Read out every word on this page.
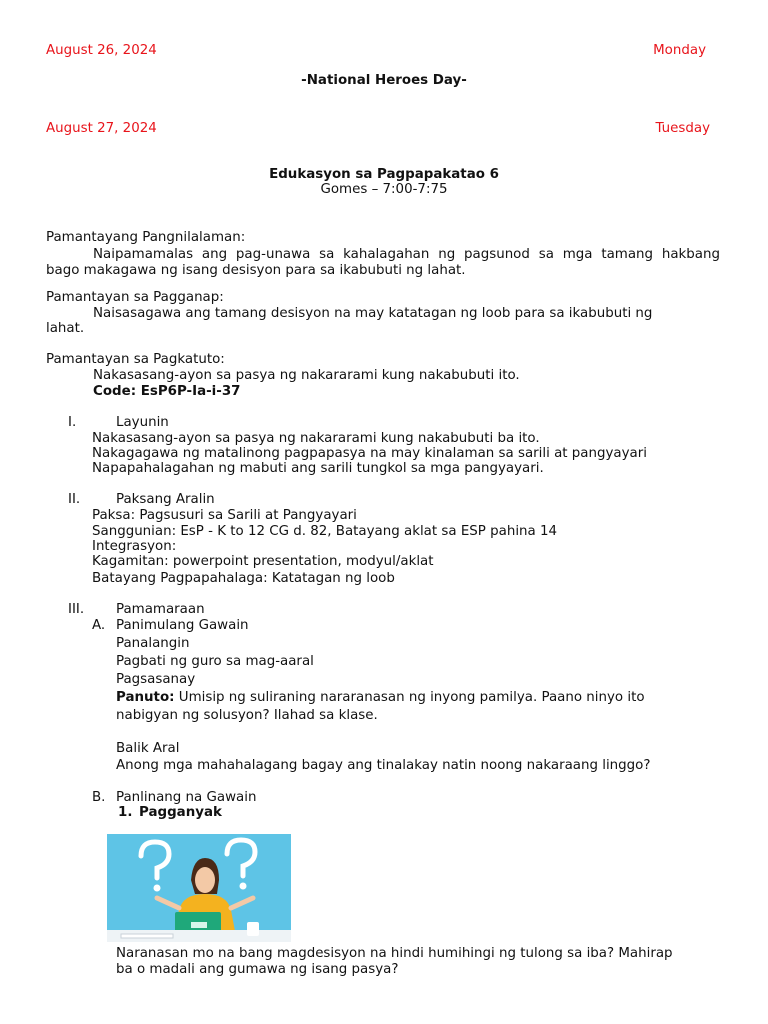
August 26, 2024	Monday
-National Heroes Day-
August 27, 2024	Tuesday
Edukasyon sa Pagpapakatao 6
Gomes – 7:00-7:75
Pamantayang Pangnilalaman:
Naipamamalas ang pag-unawa sa kahalagahan ng pagsunod sa mga tamang hakbang
bago makagawa ng isang desisyon para sa ikabubuti ng lahat.
Pamantayan sa Pagganap:
Naisasagawa ang tamang desisyon na may katatagan ng loob para sa ikabubuti ng
lahat.
Pamantayan sa Pagkatuto:
Nakasasang-ayon sa pasya ng nakararami kung nakabubuti ito.
Code: EsP6P-Ia-i-37
I.	Layunin
Nakasasang-ayon sa pasya ng nakararami kung nakabubuti ba ito.
Nakagagawa ng matalinong pagpapasya na may kinalaman sa sarili at pangyayari
Napapahalagahan ng mabuti ang sarili tungkol sa mga pangyayari.
II.	Paksang Aralin
Paksa: Pagsusuri sa Sarili at Pangyayari
Sanggunian: EsP - K to 12 CG d. 82, Batayang aklat sa ESP pahina 14
Integrasyon:
Kagamitan: powerpoint presentation, modyul/aklat
Batayang Pagpapahalaga: Katatagan ng loob
III. Pamamaraan
A. Panimulang Gawain
Panalangin
Pagbati ng guro sa mag-aaral
Pagsasanay
Panuto: Umisip ng suliraning nararanasan ng inyong pamilya. Paano ninyo ito
nabigyan ng solusyon? Ilahad sa klase.
Balik Aral
Anong mga mahahalagang bagay ang tinalakay natin noong nakaraang linggo?
B. Panlinang na Gawain
1. Pagganyak
Naranasan mo na bang magdesisyon na hindi humihingi ng tulong sa iba? Mahirap
ba o madali ang gumawa ng isang pasya?
